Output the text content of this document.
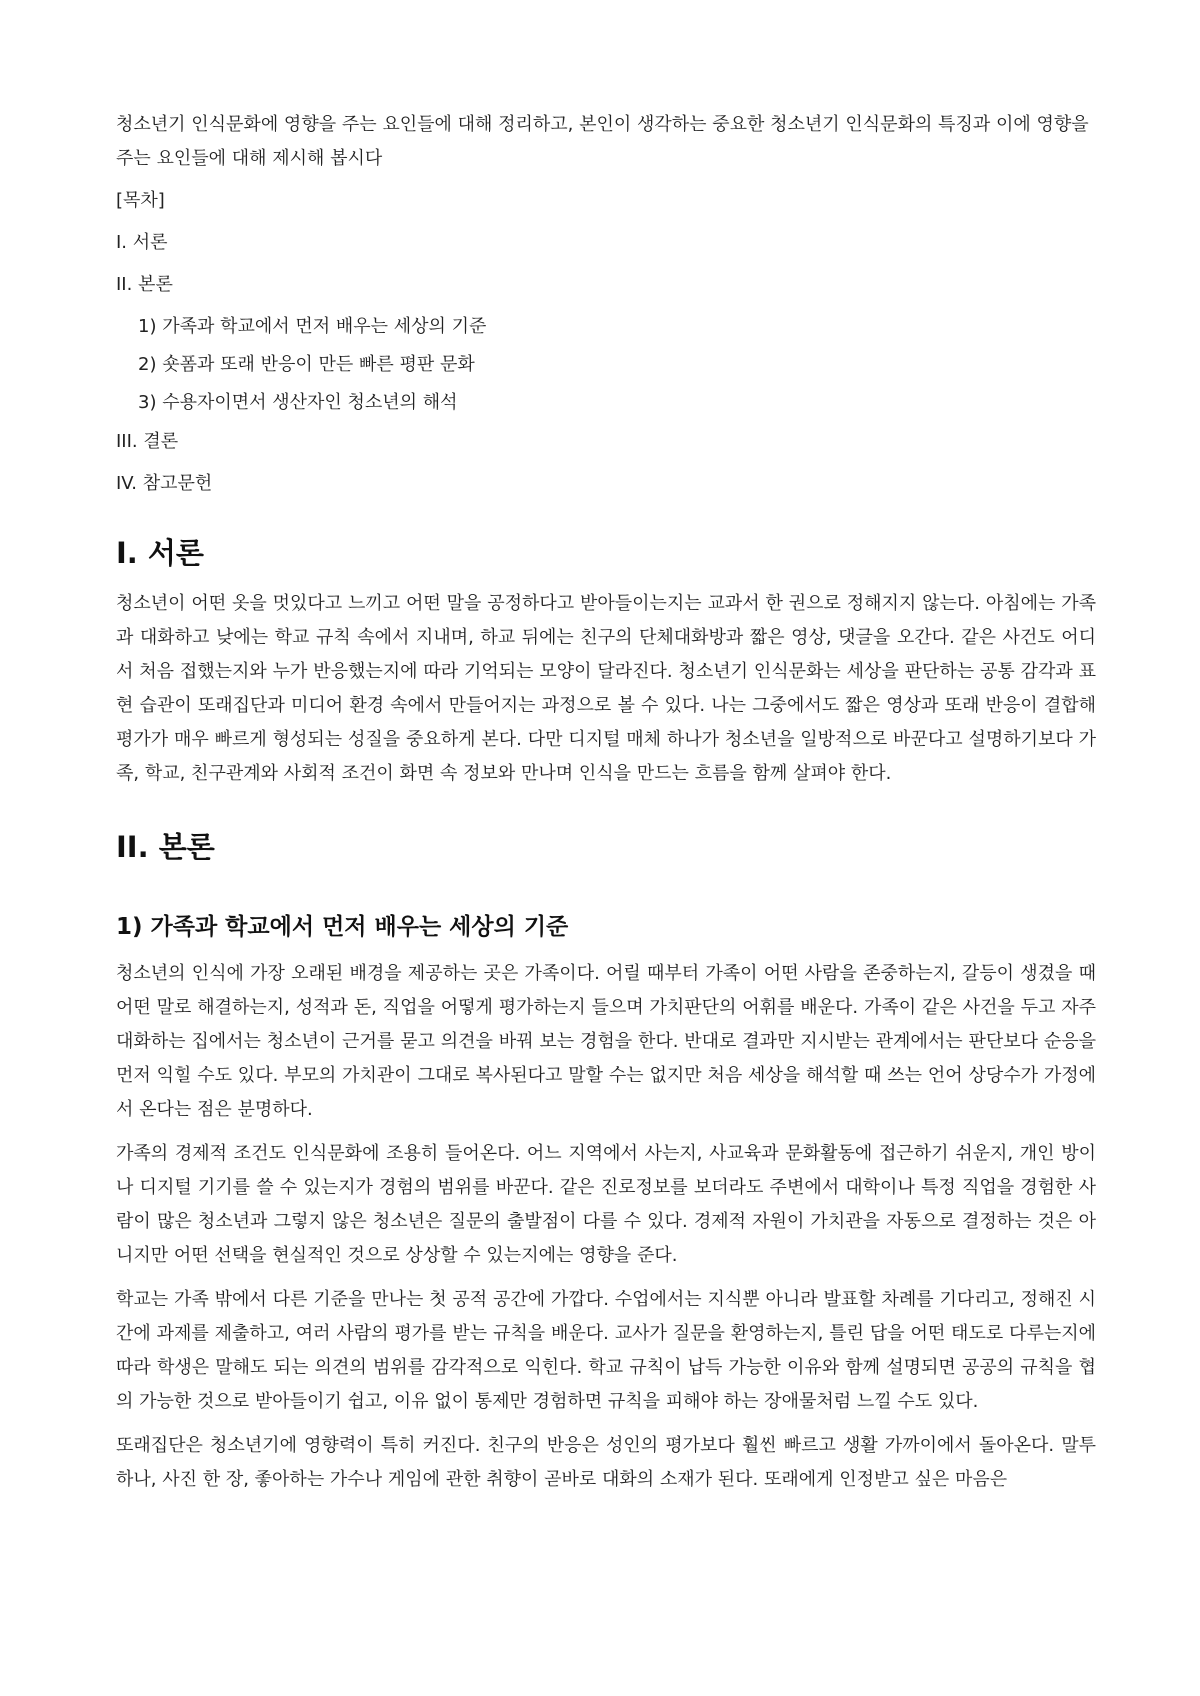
청소년기 인식문화에 영향을 주는 요인들에 대해 정리하고, 본인이 생각하는 중요한 청소년기 인식문화의 특징과 이에 영향을 주는 요인들에 대해 제시해 봅시다

[목차]
I. 서론
II. 본론
1) 가족과 학교에서 먼저 배우는 세상의 기준
2) 숏폼과 또래 반응이 만든 빠른 평판 문화
3) 수용자이면서 생산자인 청소년의 해석
III. 결론
IV. 참고문헌
I. 서론

청소년이 어떤 옷을 멋있다고 느끼고 어떤 말을 공정하다고 받아들이는지는 교과서 한 권으로 정해지지 않는다. 아침에는 가족과 대화하고 낮에는 학교 규칙 속에서 지내며, 하교 뒤에는 친구의 단체대화방과 짧은 영상, 댓글을 오간다. 같은 사건도 어디서 처음 접했는지와 누가 반응했는지에 따라 기억되는 모양이 달라진다. 청소년기 인식문화는 세상을 판단하는 공통 감각과 표현 습관이 또래집단과 미디어 환경 속에서 만들어지는 과정으로 볼 수 있다. 나는 그중에서도 짧은 영상과 또래 반응이 결합해 평가가 매우 빠르게 형성되는 성질을 중요하게 본다. 다만 디지털 매체 하나가 청소년을 일방적으로 바꾼다고 설명하기보다 가족, 학교, 친구관계와 사회적 조건이 화면 속 정보와 만나며 인식을 만드는 흐름을 함께 살펴야 한다.

II. 본론
1) 가족과 학교에서 먼저 배우는 세상의 기준

청소년의 인식에 가장 오래된 배경을 제공하는 곳은 가족이다. 어릴 때부터 가족이 어떤 사람을 존중하는지, 갈등이 생겼을 때 어떤 말로 해결하는지, 성적과 돈, 직업을 어떻게 평가하는지 들으며 가치판단의 어휘를 배운다. 가족이 같은 사건을 두고 자주 대화하는 집에서는 청소년이 근거를 묻고 의견을 바꿔 보는 경험을 한다. 반대로 결과만 지시받는 관계에서는 판단보다 순응을 먼저 익힐 수도 있다. 부모의 가치관이 그대로 복사된다고 말할 수는 없지만 처음 세상을 해석할 때 쓰는 언어 상당수가 가정에서 온다는 점은 분명하다.

가족의 경제적 조건도 인식문화에 조용히 들어온다. 어느 지역에서 사는지, 사교육과 문화활동에 접근하기 쉬운지, 개인 방이나 디지털 기기를 쓸 수 있는지가 경험의 범위를 바꾼다. 같은 진로정보를 보더라도 주변에서 대학이나 특정 직업을 경험한 사람이 많은 청소년과 그렇지 않은 청소년은 질문의 출발점이 다를 수 있다. 경제적 자원이 가치관을 자동으로 결정하는 것은 아니지만 어떤 선택을 현실적인 것으로 상상할 수 있는지에는 영향을 준다.

학교는 가족 밖에서 다른 기준을 만나는 첫 공적 공간에 가깝다. 수업에서는 지식뿐 아니라 발표할 차례를 기다리고, 정해진 시간에 과제를 제출하고, 여러 사람의 평가를 받는 규칙을 배운다. 교사가 질문을 환영하는지, 틀린 답을 어떤 태도로 다루는지에 따라 학생은 말해도 되는 의견의 범위를 감각적으로 익힌다. 학교 규칙이 납득 가능한 이유와 함께 설명되면 공공의 규칙을 협의 가능한 것으로 받아들이기 쉽고, 이유 없이 통제만 경험하면 규칙을 피해야 하는 장애물처럼 느낄 수도 있다.

또래집단은 청소년기에 영향력이 특히 커진다. 친구의 반응은 성인의 평가보다 훨씬 빠르고 생활 가까이에서 돌아온다. 말투 하나, 사진 한 장, 좋아하는 가수나 게임에 관한 취향이 곧바로 대화의 소재가 된다. 또래에게 인정받고 싶은 마음은
